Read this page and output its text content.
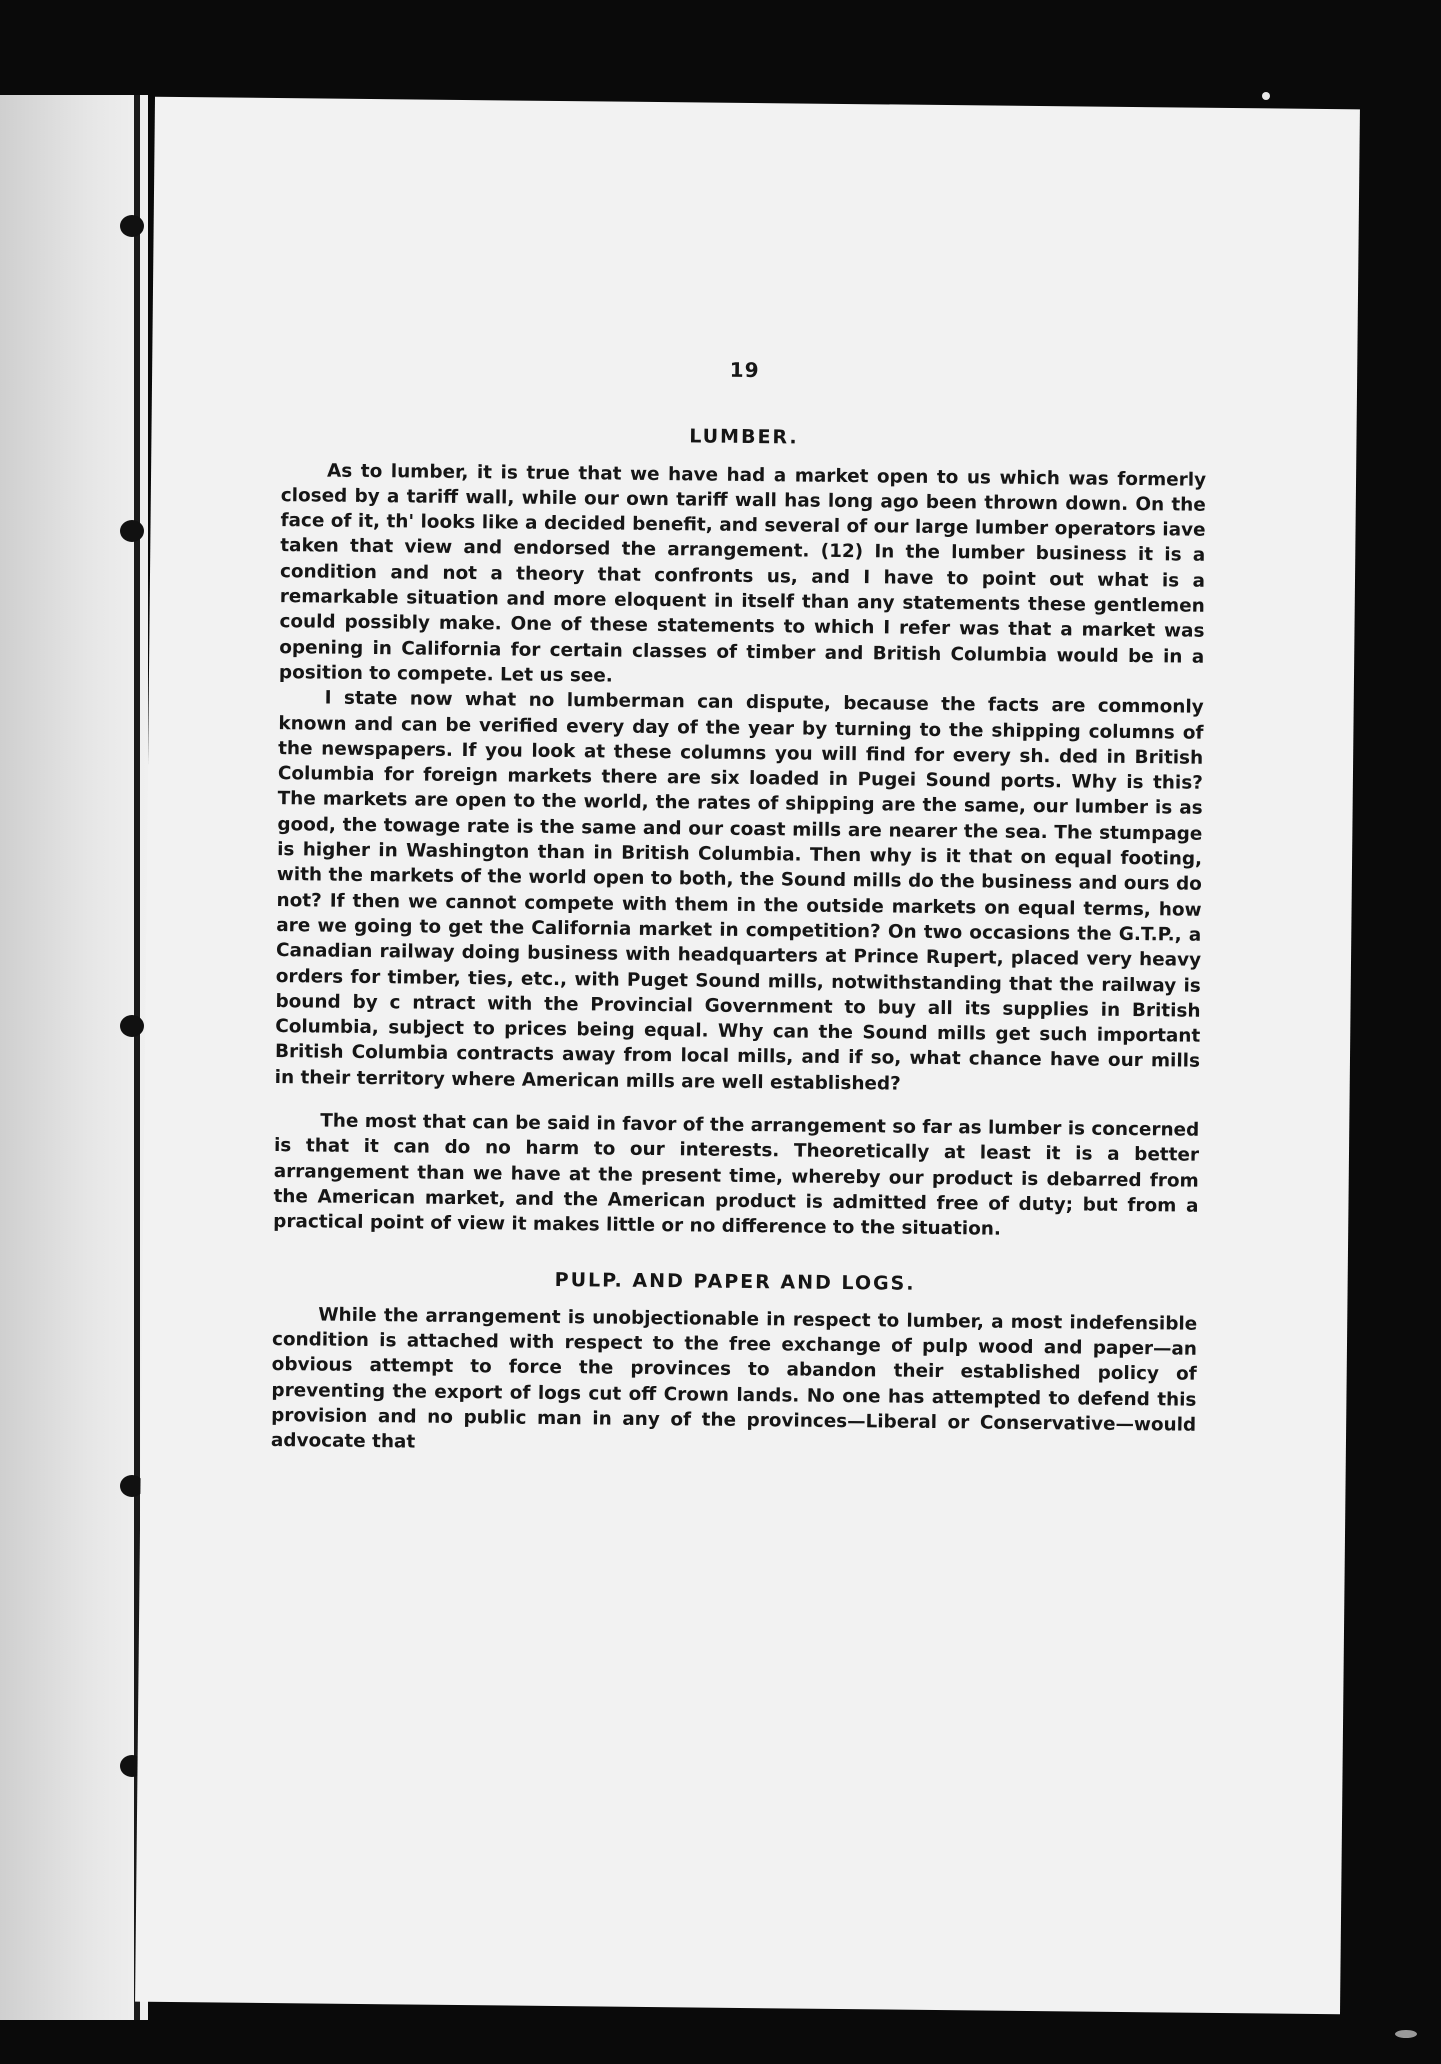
19
LUMBER.

As to lumber, it is true that we have had a market open to us which was formerly closed by a tariff wall, while our own tariff wall has long ago been thrown down. On the face of it, th' looks like a decided benefit, and several of our large lumber operators iave taken that view and endorsed the arrangement. (12) In the lumber business it is a condition and not a theory that confronts us, and I have to point out what is a remarkable situation and more eloquent in itself than any statements these gentlemen could possibly make. One of these statements to which I refer was that a market was opening in California for certain classes of timber and British Columbia would be in a position to compete. Let us see.

I state now what no lumberman can dispute, because the facts are commonly known and can be verified every day of the year by turning to the shipping columns of the newspapers. If you look at these columns you will find for every sh. ded in British Columbia for foreign markets there are six loaded in Pugei Sound ports. Why is this? The markets are open to the world, the rates of shipping are the same, our lumber is as good, the towage rate is the same and our coast mills are nearer the sea. The stumpage is higher in Washington than in British Columbia. Then why is it that on equal footing, with the markets of the world open to both, the Sound mills do the business and ours do not? If then we cannot compete with them in the outside markets on equal terms, how are we going to get the California market in competition? On two occasions the G.T.P., a Canadian railway doing business with headquarters at Prince Rupert, placed very heavy orders for timber, ties, etc., with Puget Sound mills, notwithstanding that the railway is bound by c ntract with the Provincial Government to buy all its supplies in British Columbia, subject to prices being equal. Why can the Sound mills get such important British Columbia contracts away from local mills, and if so, what chance have our mills in their territory where American mills are well established?

The most that can be said in favor of the arrangement so far as lumber is concerned is that it can do no harm to our interests. Theoretically at least it is a better arrangement than we have at the present time, whereby our product is debarred from the American market, and the American product is admitted free of duty; but from a practical point of view it makes little or no difference to the situation.

PULP. AND PAPER AND LOGS.

While the arrangement is unobjectionable in respect to lumber, a most indefensible condition is attached with respect to the free exchange of pulp wood and paper—an obvious attempt to force the provinces to abandon their established policy of preventing the export of logs cut off Crown lands. No one has attempted to defend this provision and no public man in any of the provinces—Liberal or Conservative—would advocate that
